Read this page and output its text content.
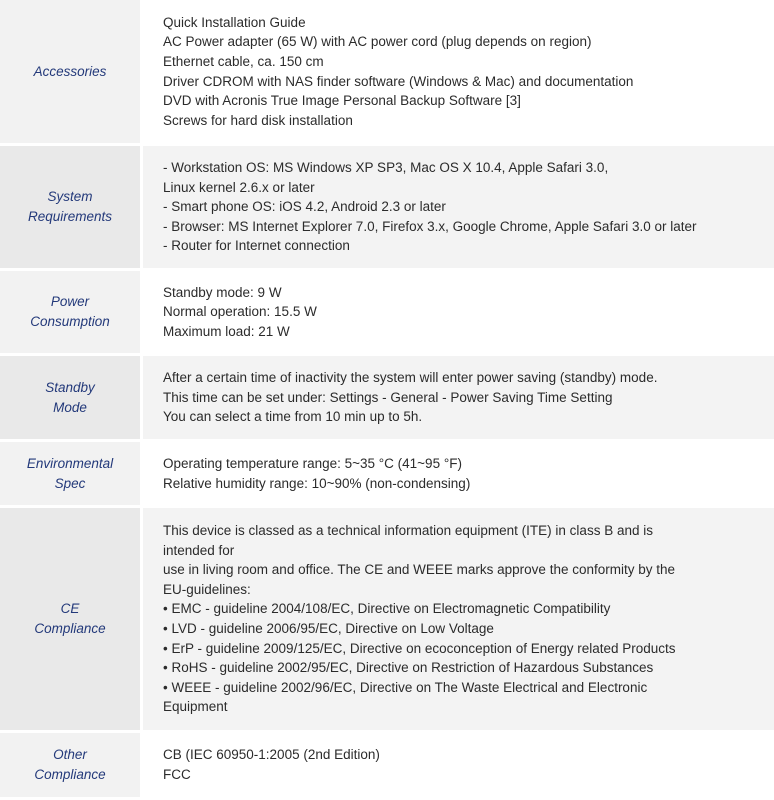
Accessories
Quick Installation Guide
AC Power adapter (65 W) with AC power cord (plug depends on region)
Ethernet cable, ca. 150 cm
Driver CDROM with NAS finder software (Windows & Mac) and documentation
DVD with Acronis True Image Personal Backup Software [3]
Screws for hard disk installation
System
Requirements
- Workstation OS: MS Windows XP SP3, Mac OS X 10.4, Apple Safari 3.0,
Linux kernel 2.6.x or later
- Smart phone OS: iOS 4.2, Android 2.3 or later
- Browser: MS Internet Explorer 7.0, Firefox 3.x, Google Chrome, Apple Safari 3.0 or later
- Router for Internet connection
Power
Consumption
Standby mode: 9 W
Normal operation: 15.5 W
Maximum load: 21 W
Standby
Mode
After a certain time of inactivity the system will enter power saving (standby) mode.
This time can be set under: Settings - General - Power Saving Time Setting
You can select a time from 10 min up to 5h.
Environmental
Spec
Operating temperature range: 5~35 °C (41~95 °F)
Relative humidity range: 10~90% (non-condensing)
CE
Compliance
This device is classed as a technical information equipment (ITE) in class B and is
intended for
use in living room and office. The CE and WEEE marks approve the conformity by the
EU-guidelines:
• EMC - guideline 2004/108/EC, Directive on Electromagnetic Compatibility
• LVD - guideline 2006/95/EC, Directive on Low Voltage
• ErP - guideline 2009/125/EC, Directive on ecoconception of Energy related Products
• RoHS - guideline 2002/95/EC, Directive on Restriction of Hazardous Substances
• WEEE - guideline 2002/96/EC, Directive on The Waste Electrical and Electronic
Equipment
Other
Compliance
CB (IEC 60950-1:2005 (2nd Edition)
FCC
